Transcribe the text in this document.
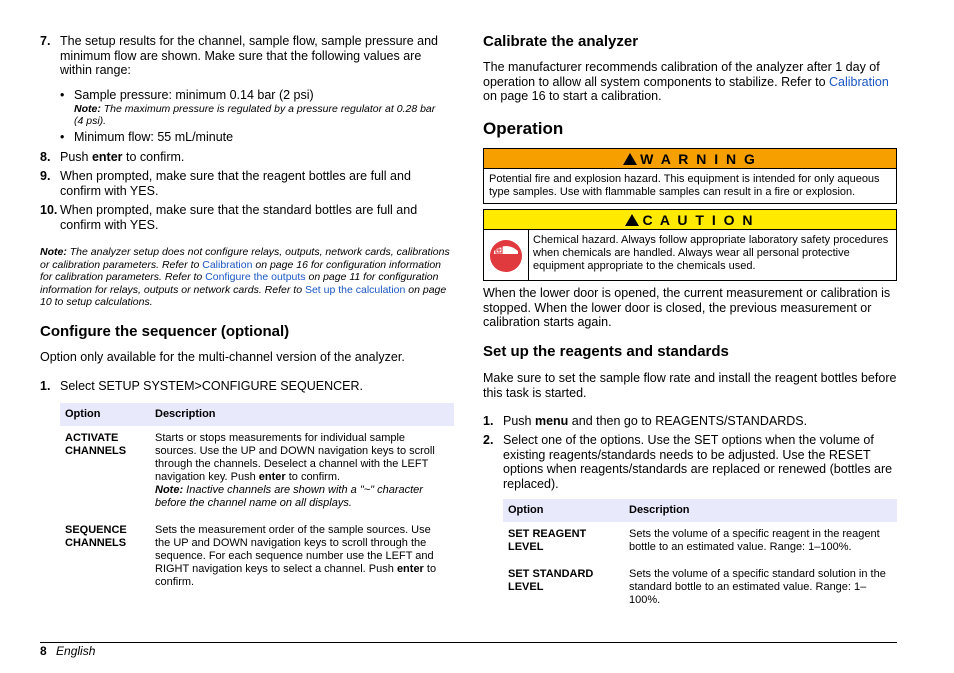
7. The setup results for the channel, sample flow, sample pressure and minimum flow are shown. Make sure that the following values are within range:
• Sample pressure: minimum 0.14 bar (2 psi)
Note: The maximum pressure is regulated by a pressure regulator at 0.28 bar (4 psi).
• Minimum flow: 55 mL/minute
8. Push enter to confirm.
9. When prompted, make sure that the reagent bottles are full and confirm with YES.
10. When prompted, make sure that the standard bottles are full and confirm with YES.
Note: The analyzer setup does not configure relays, outputs, network cards, calibrations or calibration parameters. Refer to Calibration on page 16 for configuration information for calibration parameters. Refer to Configure the outputs on page 11 for configuration information for relays, outputs or network cards. Refer to Set up the calculation on page 10 to setup calculations.
Configure the sequencer (optional)

Option only available for the multi-channel version of the analyzer.

1. Select SETUP SYSTEM>CONFIGURE SEQUENCER.
Option	Description
ACTIVATE CHANNELS	Starts or stops measurements for individual sample sources. Use the UP and DOWN navigation keys to scroll through the channels. Deselect a channel with the LEFT navigation key. Push enter to confirm.
Note: Inactive channels are shown with a "~" character before the channel name on all displays.

SEQUENCE CHANNELS	Sets the measurement order of the sample sources. Use the UP and DOWN navigation keys to scroll through the sequence. For each sequence number use the LEFT and RIGHT navigation keys to select a channel. Push enter to confirm.
Calibrate the analyzer

The manufacturer recommends calibration of the analyzer after 1 day of operation to allow all system components to stabilize. Refer to Calibration on page 16 to start a calibration.

Operation
W A R N I N G
Potential fire and explosion hazard. This equipment is intended for only aqueous type samples. Use with flammable samples can result in a fire or explosion.
C A U T I O N
Chemical hazard. Always follow appropriate laboratory safety procedures when chemicals are handled. Always wear all personal protective equipment appropriate to the chemicals used.

When the lower door is opened, the current measurement or calibration is stopped. When the lower door is closed, the previous measurement or calibration starts again.

Set up the reagents and standards

Make sure to set the sample flow rate and install the reagent bottles before this task is started.

1. Push menu and then go to REAGENTS/STANDARDS.
2. Select one of the options. Use the SET options when the volume of existing reagents/standards needs to be adjusted. Use the RESET options when reagents/standards are replaced or renewed (bottles are replaced).
Option	Description
SET REAGENT LEVEL	Sets the volume of a specific reagent in the reagent bottle to an estimated value. Range: 1–100%.
SET STANDARD LEVEL	Sets the volume of a specific standard solution in the standard bottle to an estimated value. Range: 1–100%.
8 English
